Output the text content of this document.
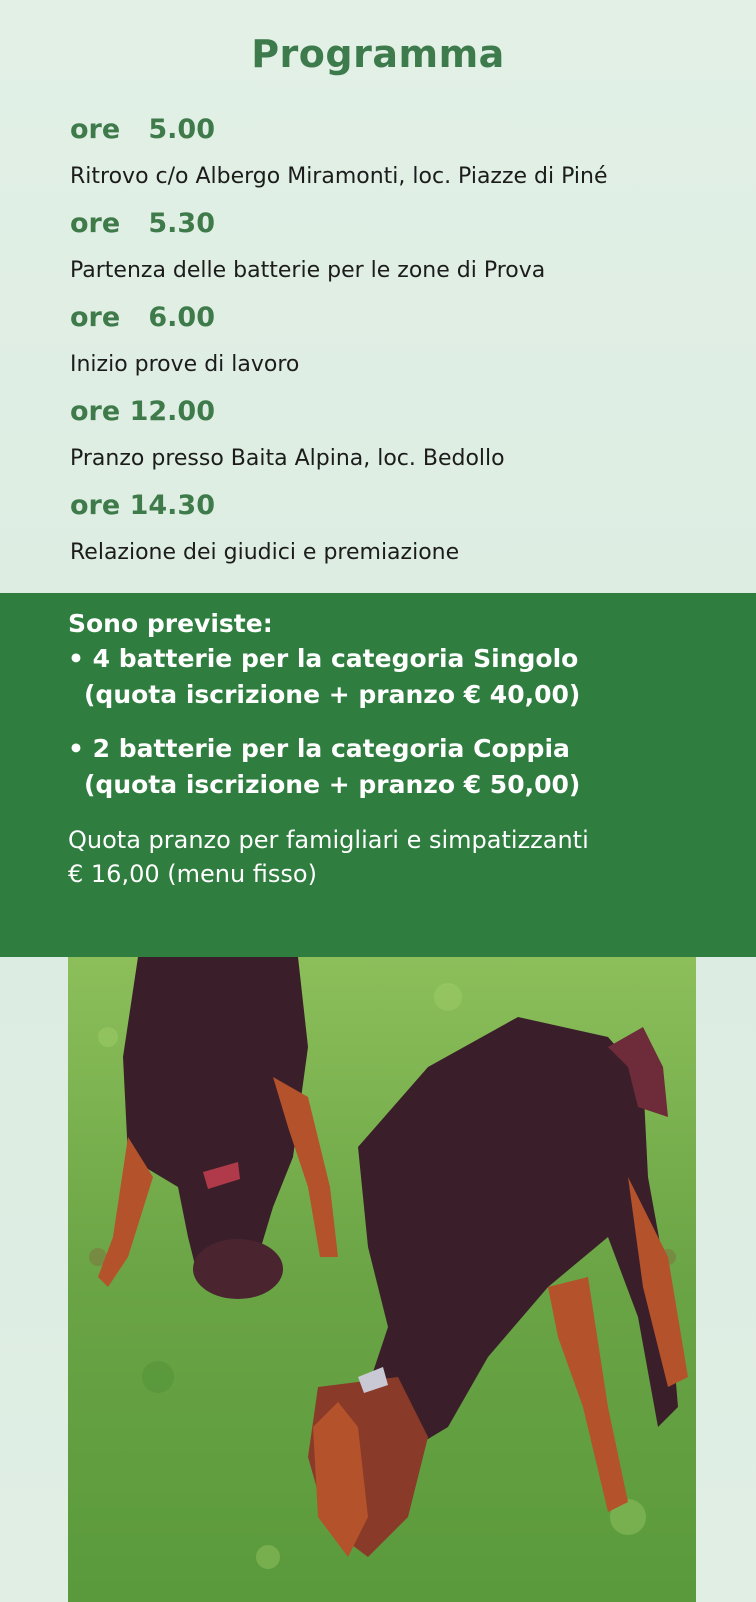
Programma
ore   5.00
Ritrovo c/o Albergo Miramonti, loc. Piazze di Piné
ore   5.30
Partenza delle batterie per le zone di Prova
ore   6.00
Inizio prove di lavoro
ore 12.00
Pranzo presso Baita Alpina, loc. Bedollo
ore 14.30
Relazione dei giudici e premiazione
Sono previste:
• 4 batterie per la categoria Singolo
(quota iscrizione + pranzo € 40,00)
• 2 batterie per la categoria Coppia
(quota iscrizione + pranzo € 50,00)
Quota pranzo per famigliari e simpatizzanti
€ 16,00 (menu fisso)
